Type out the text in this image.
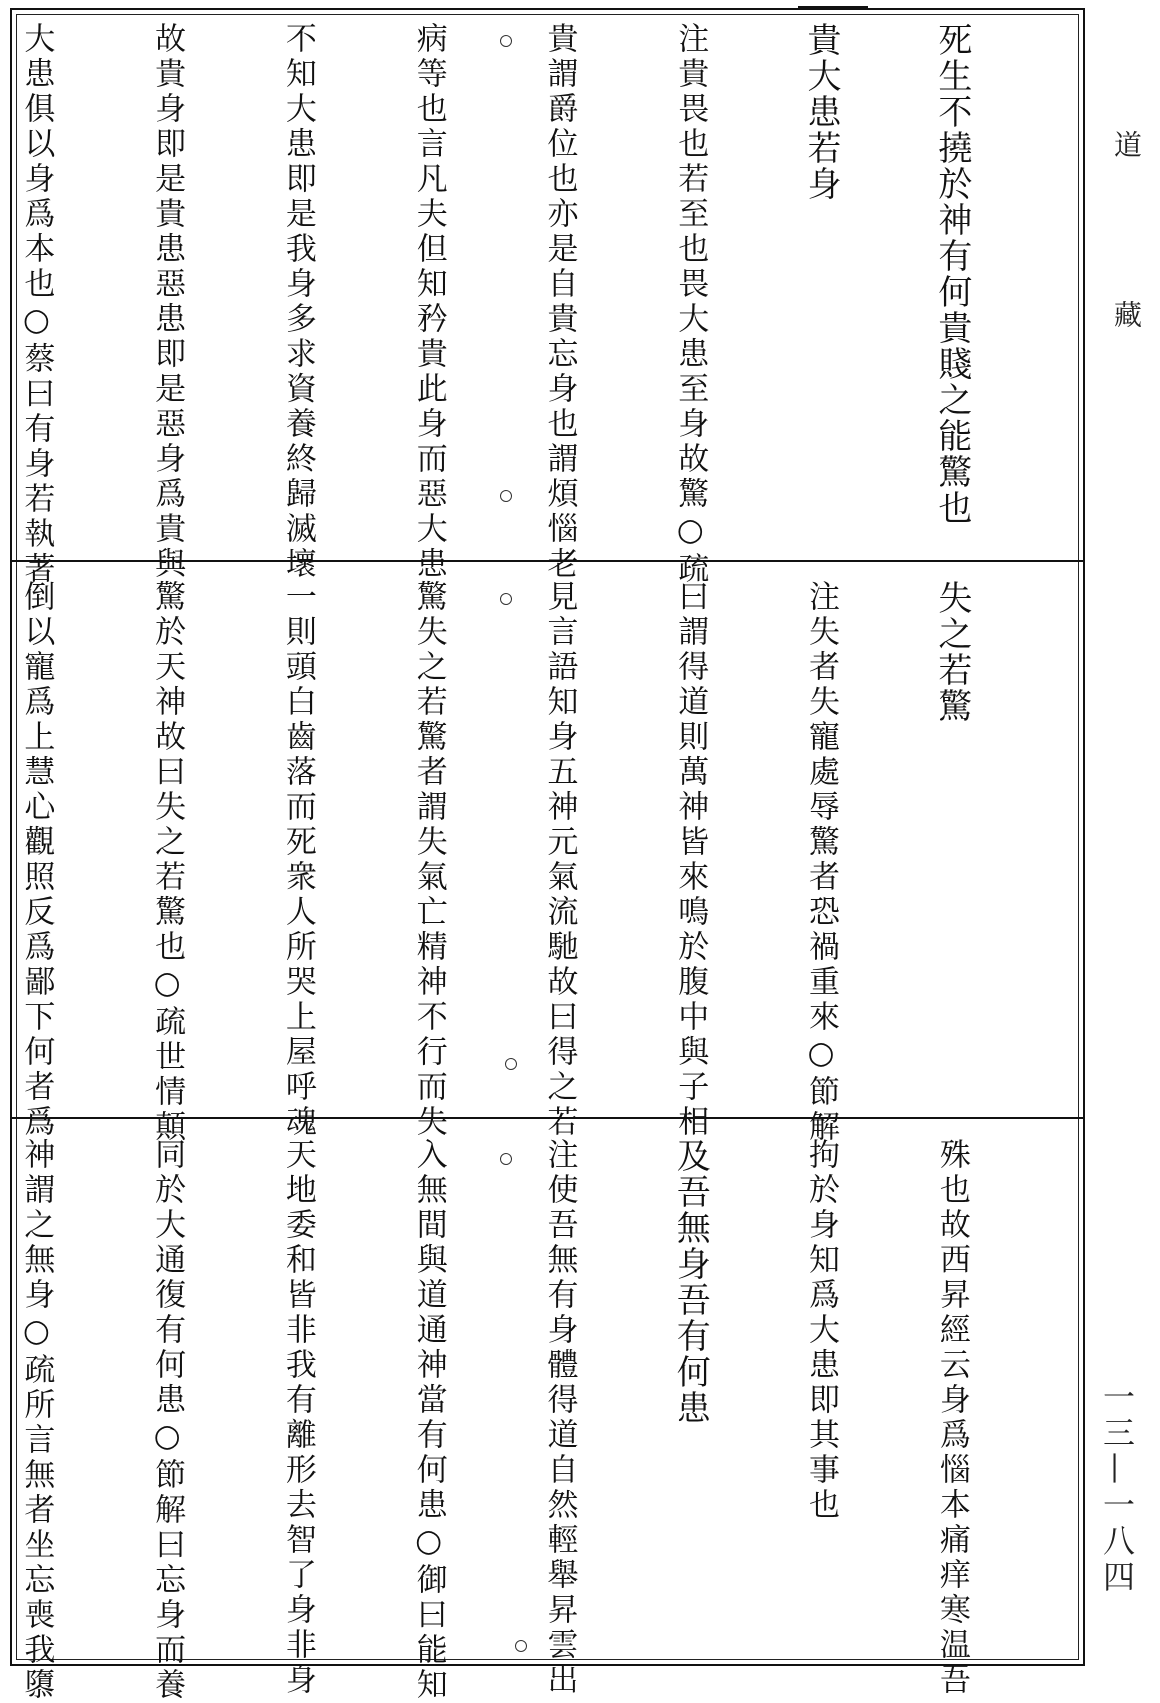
死生不撓於神有何貴賤之能驚也

貴大患若身

注貴畏也若至也畏大患至身故驚○疏

貴謂爵位也亦是自貴忘身也謂煩惱老

病等也言凡夫但知矜貴此身而惡大患

不知大患即是我身多求資養終歸滅壞

故貴身即是貴患惡患即是惡身爲貴與

大患俱以身爲本也○蔡曰有身若執著

失之若驚

注失者失寵處辱驚者恐禍重來○節解

曰謂得道則萬神皆來鳴於腹中與子相

見言語知身五神元氣流馳故曰得之若

驚失之若驚者謂失氣亡精神不行而失

一則頭白齒落而死衆人所哭上屋呼魂

驚於天神故曰失之若驚也○疏世情顛

倒以寵爲上慧心觀照反爲鄙下何者爲

殊也故西昇經云身爲惱本痛痒寒温吾

拘於身知爲大患即其事也

及吾無身吾有何患

注使吾無有身體得道自然輕舉昇雲出

入無間與道通神當有何患○御曰能知

天地委和皆非我有離形去智了身非身

同於大通復有何患○節解曰忘身而養

神謂之無身○疏所言無者坐忘喪我隳

道
藏
一三—一八四
